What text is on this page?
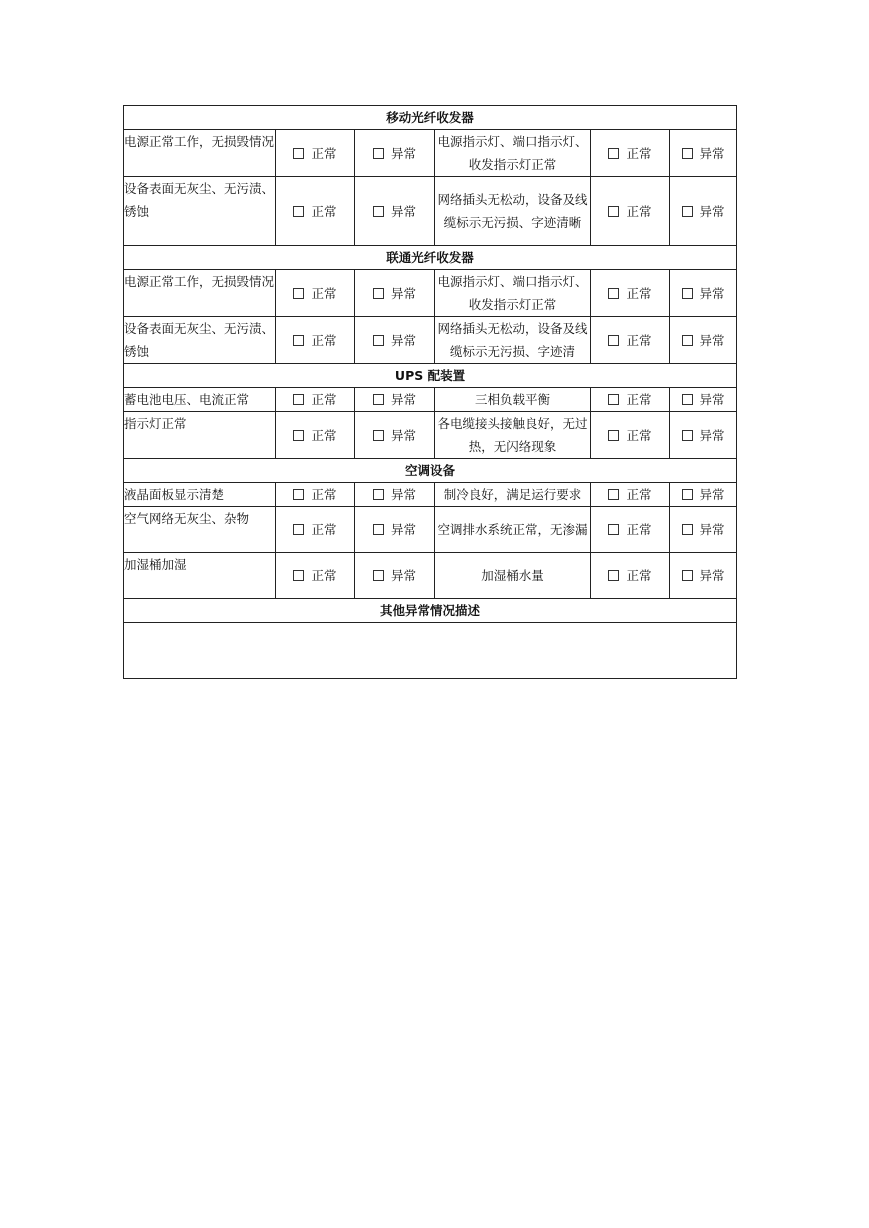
移动光纤收发器					
电源正常工作，无损毁情况	正常	异常	电源指示灯、端口指示灯、收发指示灯正常	正常	异常
设备表面无灰尘、无污渍、锈蚀	正常	异常	网络插头无松动，设备及线缆标示无污损、字迹清晰	正常	异常
联通光纤收发器					
电源正常工作，无损毁情况	正常	异常	电源指示灯、端口指示灯、收发指示灯正常	正常	异常
设备表面无灰尘、无污渍、锈蚀	正常	异常	网络插头无松动，设备及线缆标示无污损、字迹清	正常	异常
UPS 配装置					
蓄电池电压、电流正常	正常	异常	三相负载平衡	正常	异常
指示灯正常	正常	异常	各电缆接头接触良好，无过热，无闪络现象	正常	异常
空调设备					
液晶面板显示清楚	正常	异常	制冷良好，满足运行要求	正常	异常
空气网络无灰尘、杂物	正常	异常	空调排水系统正常，无渗漏	正常	异常
加湿桶加湿	正常	异常	加湿桶水量	正常	异常
其他异常情况描述					
